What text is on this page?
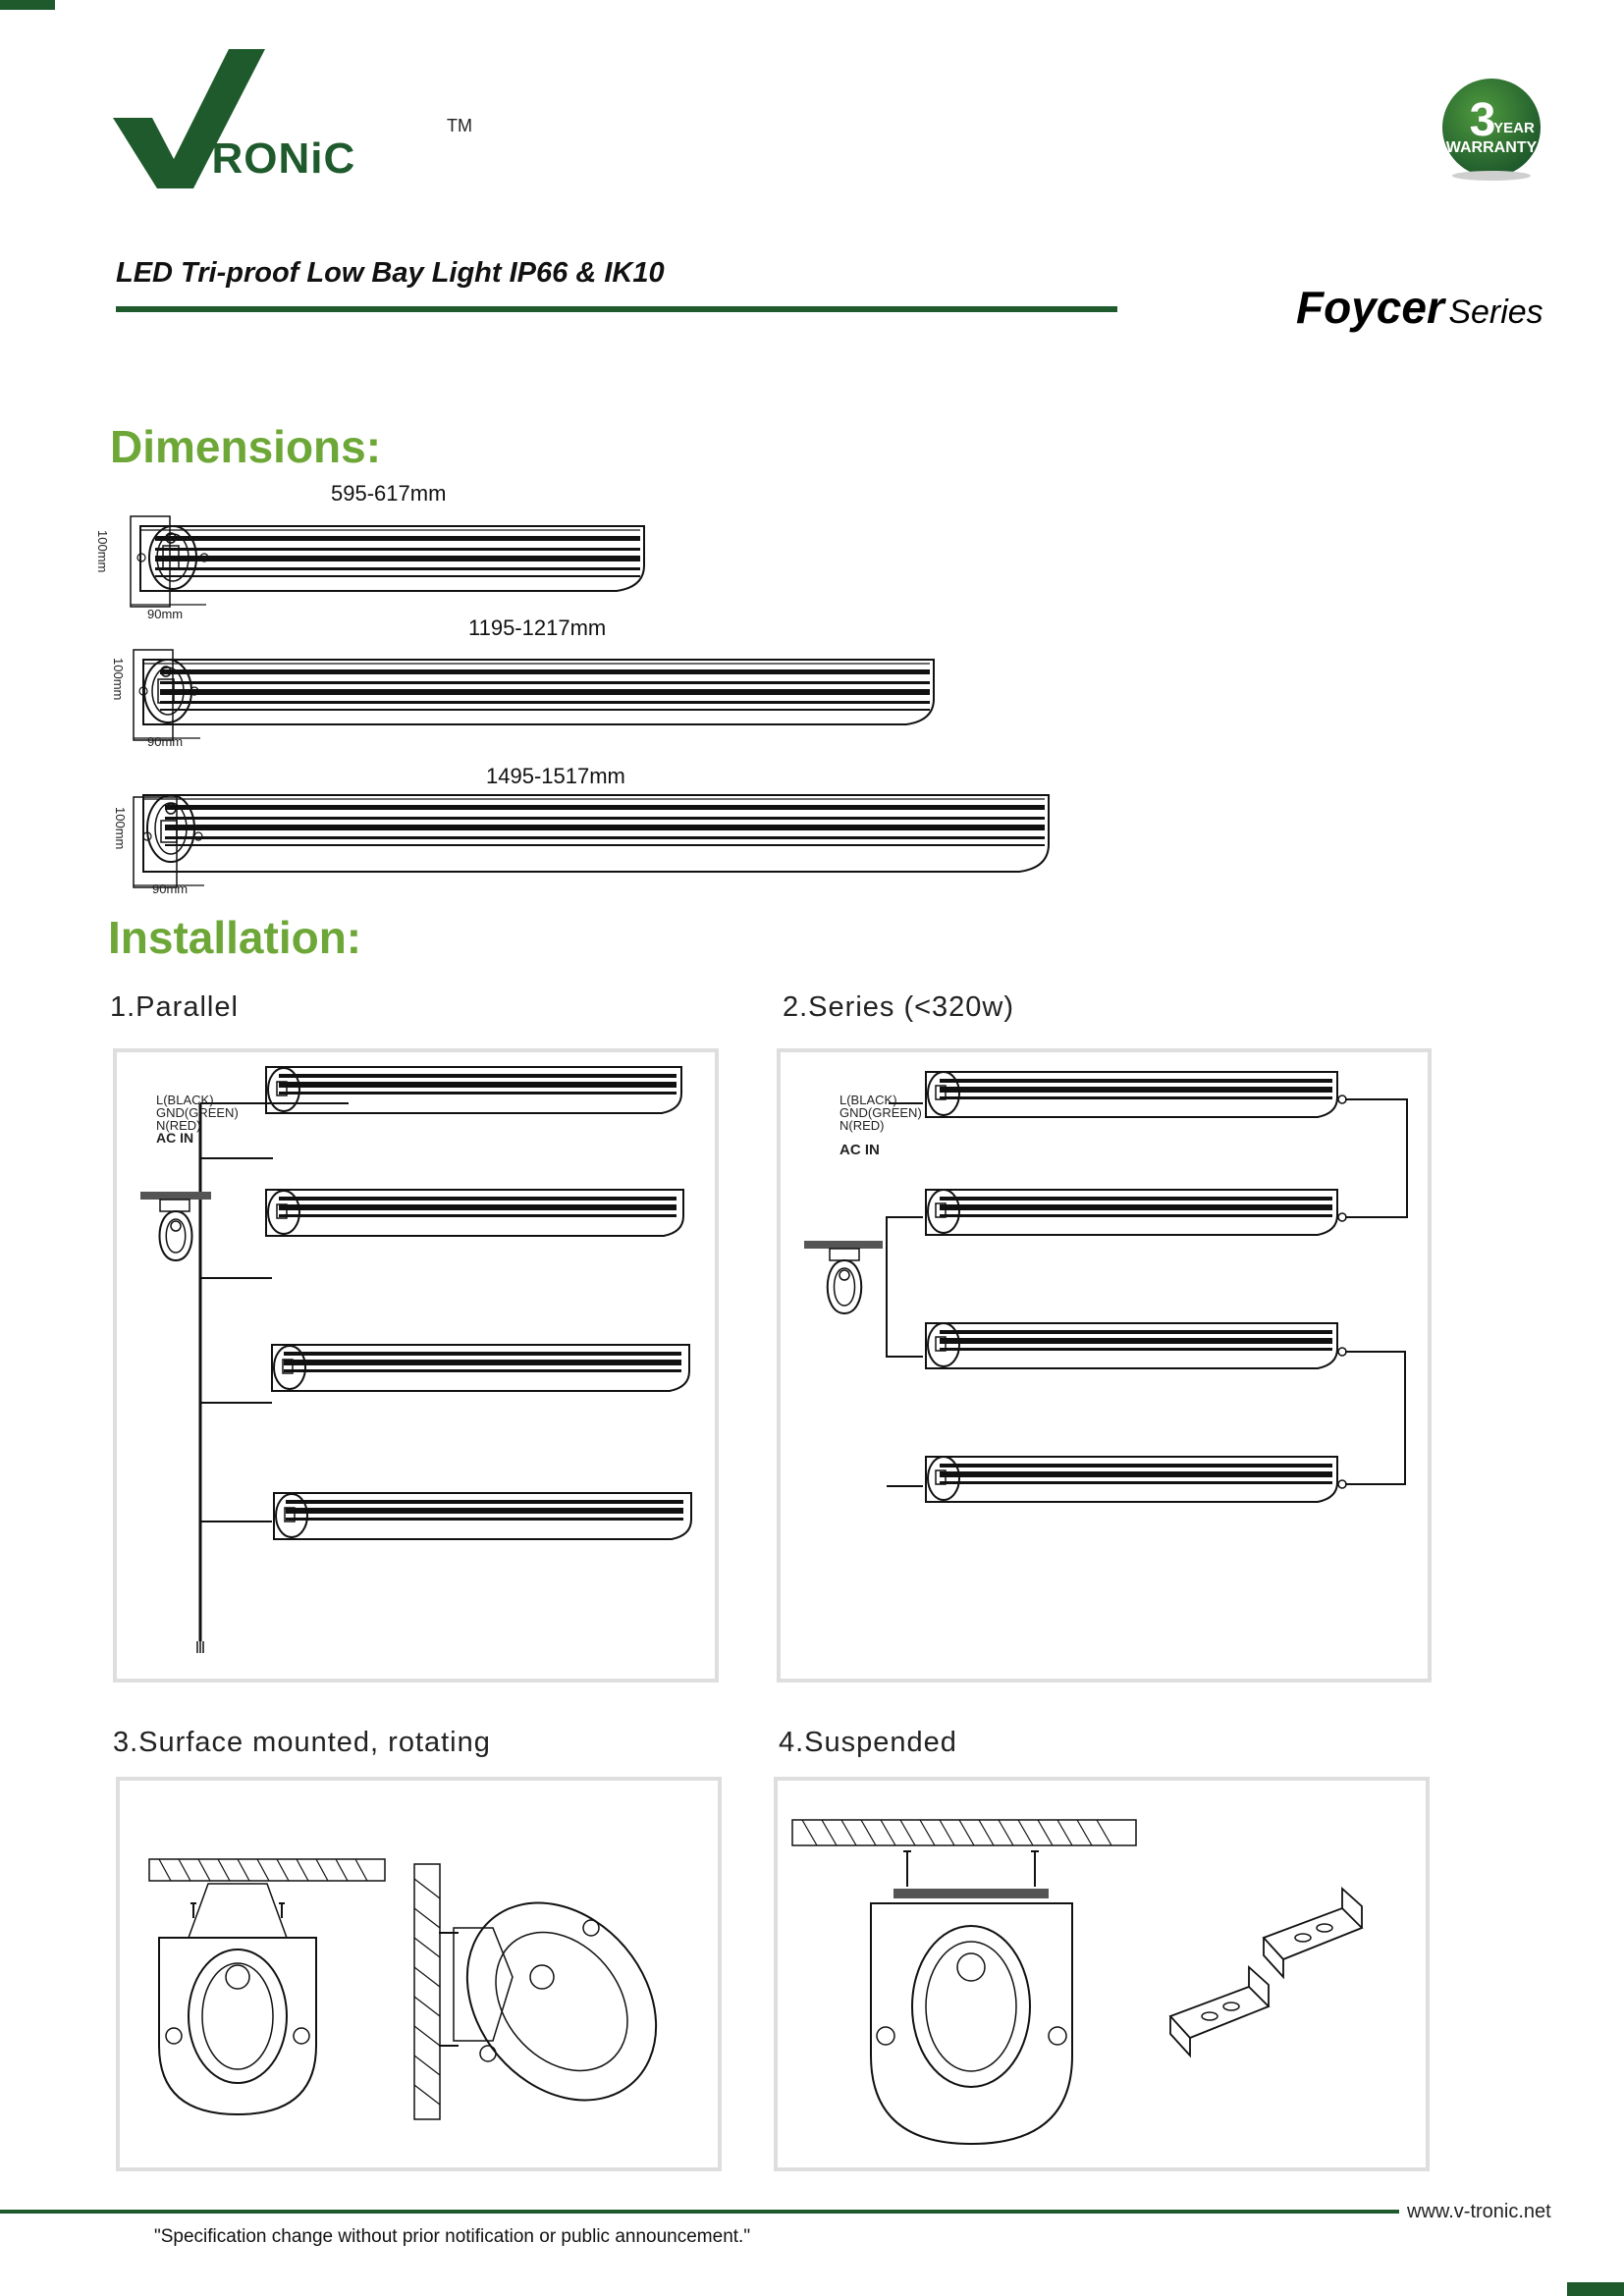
-TRONiC
TM	3
YEAR
WARRANTY
LED Tri-proof Low Bay Light IP66 & IK10
Foycer Series
Dimensions:
595-617mm
100mm
90mm
1195-1217mm
100mm
90mm
1495-1517mm
100mm
90mm
Installation:
1.Parallel	2.Series (<320w)
L(BLACK)
GND(GREEN)
N(RED)
AC IN
L(BLACK)
GND(GREEN)
N(RED)
AC IN
3.Surface mounted, rotating	4.Suspended
www.v-tronic.net
"Specification change without prior notification or public announcement."
